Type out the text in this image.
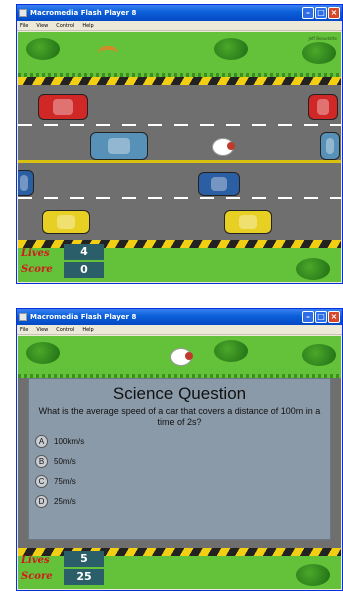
Macromedia Flash Player 8	– □ ×
File View Control Help
Jeff Beaudette
Lives	4
Score	0
Macromedia Flash Player 8	– □ ×
File View Control Help
Science Question
What is the average speed of a car that covers a distance of 100m in a time of 2s?
A	100km/s
B	50m/s
C	75m/s
D	25m/s
Lives	5
Score	25
